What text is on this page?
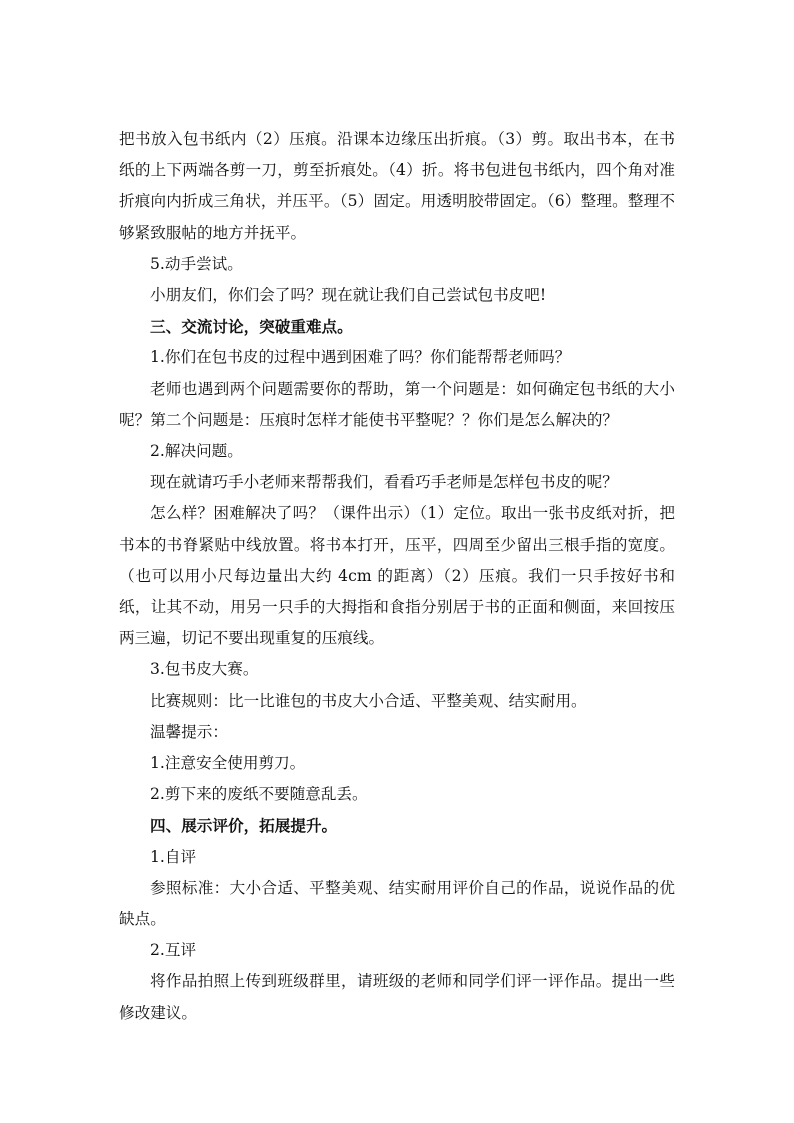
把书放入包书纸内（2）压痕。沿课本边缘压出折痕。（3）剪。取出书本，在书纸的上下两端各剪一刀，剪至折痕处。（4）折。将书包进包书纸内，四个角对准折痕向内折成三角状，并压平。（5）固定。用透明胶带固定。（6）整理。整理不够紧致服帖的地方并抚平。

5.动手尝试。

小朋友们，你们会了吗？现在就让我们自己尝试包书皮吧!

三、交流讨论，突破重难点。

1.你们在包书皮的过程中遇到困难了吗？你们能帮帮老师吗？

老师也遇到两个问题需要你的帮助，第一个问题是：如何确定包书纸的大小呢？第二个问题是：压痕时怎样才能使书平整呢？？你们是怎么解决的？

2.解决问题。

现在就请巧手小老师来帮帮我们，看看巧手老师是怎样包书皮的呢？

怎么样？困难解决了吗？（课件出示）（1）定位。取出一张书皮纸对折，把书本的书脊紧贴中线放置。将书本打开，压平，四周至少留出三根手指的宽度。（也可以用小尺每边量出大约 4cm 的距离）（2）压痕。我们一只手按好书和纸，让其不动，用另一只手的大拇指和食指分别居于书的正面和侧面，来回按压两三遍，切记不要出现重复的压痕线。

3.包书皮大赛。

比赛规则：比一比谁包的书皮大小合适、平整美观、结实耐用。

温馨提示：

1.注意安全使用剪刀。

2.剪下来的废纸不要随意乱丢。

四、展示评价，拓展提升。

1.自评

参照标准：大小合适、平整美观、结实耐用评价自己的作品，说说作品的优缺点。

2.互评

将作品拍照上传到班级群里，请班级的老师和同学们评一评作品。提出一些修改建议。
